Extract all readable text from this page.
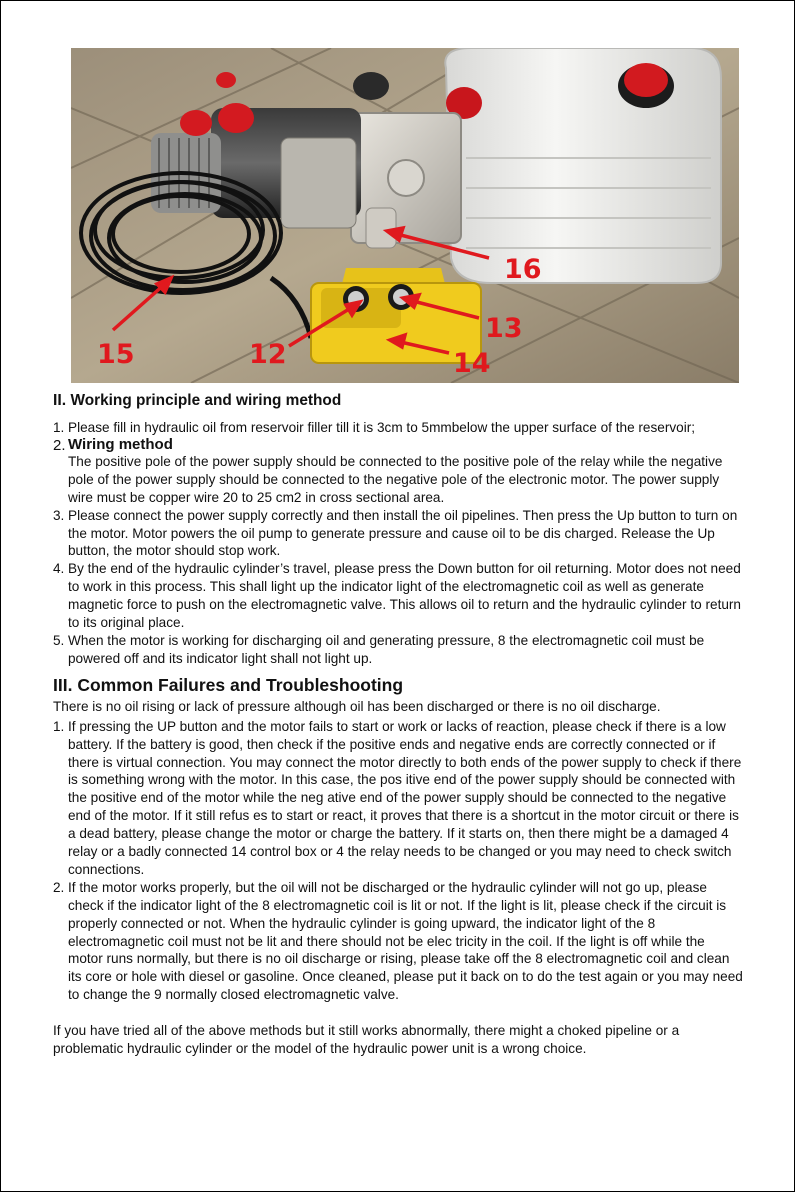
16
13
15	12	14
II. Working principle and wiring method
1. Please fill in hydraulic oil from reservoir filler till it is 3cm to 5mmbelow the upper surface of the reservoir;
2. Wiring method
The positive pole of the power supply should be connected to the positive pole of the relay while the negative pole of the power supply should be connected to the negative pole of the electronic motor. The power supply wire must be copper wire 20 to 25 cm2 in cross sectional area.
3. Please connect the power supply correctly and then install the oil pipelines. Then press the Up button to turn on the motor. Motor powers the oil pump to generate pressure and cause oil to be dis charged. Release the Up button, the motor should stop work.
4. By the end of the hydraulic cylinder’s travel, please press the Down button for oil returning. Motor does not need to work in this process. This shall light up the indicator light of the electromagnetic coil as well as generate magnetic force to push on the electromagnetic valve. This allows oil to return and the hydraulic cylinder to return to its original place.
5. When the motor is working for discharging oil and generating pressure, 8 the electromagnetic coil must be powered off and its indicator light shall not light up.
III. Common Failures and Troubleshooting

There is no oil rising or lack of pressure although oil has been discharged or there is no oil discharge.

1. If pressing the UP button and the motor fails to start or work or lacks of reaction, please check if there is a low battery. If the battery is good, then check if the positive ends and negative ends are correctly connected or if there is virtual connection. You may connect the motor directly to both ends of the power supply to check if there is something wrong with the motor. In this case, the pos itive end of the power supply should be connected with the positive end of the motor while the neg ative end of the power supply should be connected to the negative end of the motor. If it still refus es to start or react, it proves that there is a shortcut in the motor circuit or there is a dead battery, please change the motor or charge the battery. If it starts on, then there might be a damaged 4 relay or a badly connected 14 control box or 4 the relay needs to be changed or you may need to check switch connections.
2. If the motor works properly, but the oil will not be discharged or the hydraulic cylinder will not go up, please check if the indicator light of the 8 electromagnetic coil is lit or not. If the light is lit, please check if the circuit is properly connected or not. When the hydraulic cylinder is going upward, the indicator light of the 8 electromagnetic coil must not be lit and there should not be elec tricity in the coil. If the light is off while the motor runs normally, but there is no oil discharge or rising, please take off the 8 electromagnetic coil and clean its core or hole with diesel or gasoline. Once cleaned, please put it back on to do the test again or you may need to change the 9 normally closed electromagnetic valve.

If you have tried all of the above methods but it still works abnormally, there might a choked pipeline or a problematic hydraulic cylinder or the model of the hydraulic power unit is a wrong choice.
